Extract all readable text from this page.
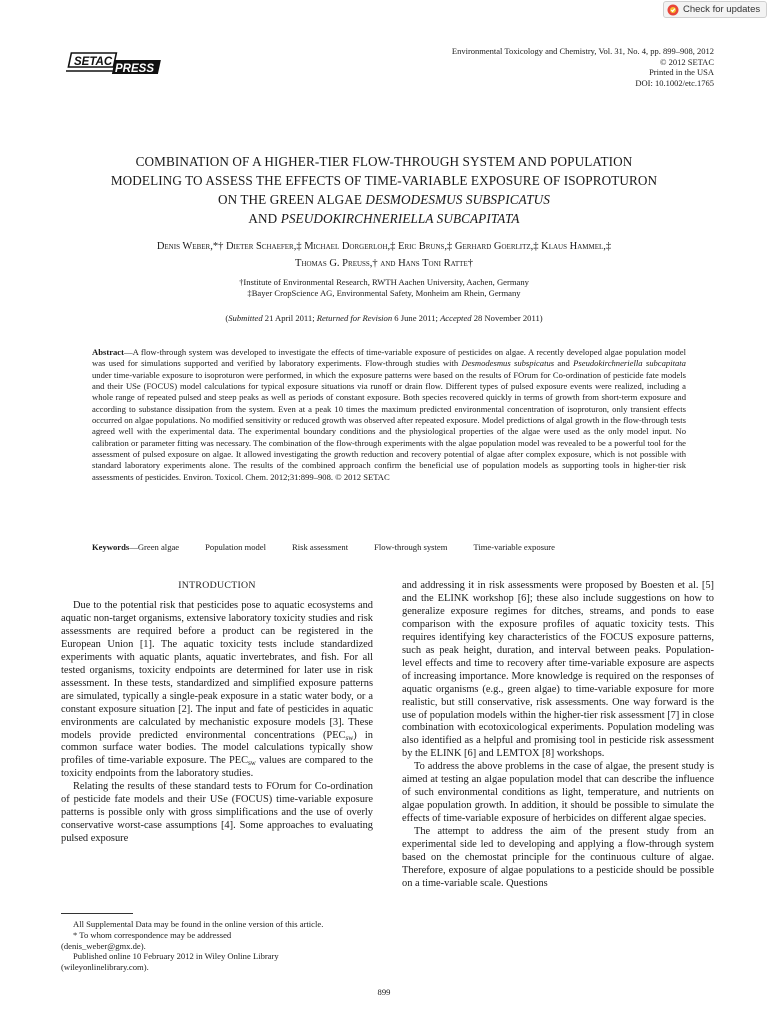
Check for updates
SETAC
PRESS
Environmental Toxicology and Chemistry, Vol. 31, No. 4, pp. 899–908, 2012
© 2012 SETAC
Printed in the USA
DOI: 10.1002/etc.1765
COMBINATION OF A HIGHER-TIER FLOW-THROUGH SYSTEM AND POPULATION
MODELING TO ASSESS THE EFFECTS OF TIME-VARIABLE EXPOSURE OF ISOPROTURON
ON THE GREEN ALGAE DESMODESMUS SUBSPICATUS
AND PSEUDOKIRCHNERIELLA SUBCAPITATA
Denis Weber,*† Dieter Schaefer,‡ Michael Dorgerloh,‡ Eric Bruns,‡ Gerhard Goerlitz,‡ Klaus Hammel,‡
Thomas G. Preuss,† and Hans Toni Ratte†
†Institute of Environmental Research, RWTH Aachen University, Aachen, Germany
‡Bayer CropScience AG, Environmental Safety, Monheim am Rhein, Germany
(Submitted 21 April 2011; Returned for Revision 6 June 2011; Accepted 28 November 2011)
Abstract—A flow-through system was developed to investigate the effects of time-variable exposure of pesticides on algae. A recently developed algae population model was used for simulations supported and verified by laboratory experiments. Flow-through studies with Desmodesmus subspicatus and Pseudokirchneriella subcapitata under time-variable exposure to isoproturon were performed, in which the exposure patterns were based on the results of FOrum for Co-ordination of pesticide fate models and their USe (FOCUS) model calculations for typical exposure situations via runoff or drain flow. Different types of pulsed exposure events were realized, including a whole range of repeated pulsed and steep peaks as well as periods of constant exposure. Both species recovered quickly in terms of growth from short-term exposure and according to substance dissipation from the system. Even at a peak 10 times the maximum predicted environmental concentration of isoproturon, only transient effects occurred on algae populations. No modified sensitivity or reduced growth was observed after repeated exposure. Model predictions of algal growth in the flow-through tests agreed well with the experimental data. The experimental boundary conditions and the physiological properties of the algae were used as the only model input. No calibration or parameter fitting was necessary. The combination of the flow-through experiments with the algae population model was revealed to be a powerful tool for the assessment of pulsed exposure on algae. It allowed investigating the growth reduction and recovery potential of algae after complex exposure, which is not possible with standard laboratory experiments alone. The results of the combined approach confirm the beneficial use of population models as supporting tools in higher-tier risk assessments of pesticides. Environ. Toxicol. Chem. 2012;31:899–908. © 2012 SETAC
Keywords—Green algae	Population model	Risk assessment	Flow-through system	Time-variable exposure
INTRODUCTION

Due to the potential risk that pesticides pose to aquatic ecosystems and aquatic non-target organisms, extensive laboratory toxicity studies and risk assessments are required before a product can be registered in the European Union [1]. The aquatic toxicity tests include standardized experiments with aquatic plants, aquatic invertebrates, and fish. For all tested organisms, toxicity endpoints are determined for later use in risk assessment. In these tests, standardized and simplified exposure patterns are simulated, typically a single-peak exposure in a static water body, or a constant exposure situation [2]. The input and fate of pesticides in aquatic environments are calculated by mechanistic exposure models [3]. These models provide predicted environmental concentrations $(PEC_{sw})$ in common surface water bodies. The model calculations typically show profiles of time-variable exposure. The $PEC_{sw}$ values are compared to the toxicity endpoints from the laboratory studies.

Relating the results of these standard tests to FOrum for Co-ordination of pesticide fate models and their USe (FOCUS) time-variable exposure patterns is possible only with gross simplifications and the use of overly conservative worst-case assumptions [4]. Some approaches to evaluating pulsed exposure

and addressing it in risk assessments were proposed by Boesten et al. [5] and the ELINK workshop [6]; these also include suggestions on how to generalize exposure regimes for ditches, streams, and ponds to ease comparison with the exposure profiles of aquatic toxicity tests. This requires identifying key characteristics of the FOCUS exposure patterns, such as peak height, duration, and interval between peaks. Population-level effects and time to recovery after time-variable exposure are aspects of increasing importance. More knowledge is required on the responses of aquatic organisms (e.g., green algae) to time-variable exposure for more realistic, but still conservative, risk assessments. One way forward is the use of population models within the higher-tier risk assessment [7] in close combination with ecotoxicological experiments. Population modeling was also identified as a helpful and promising tool in pesticide risk assessment by the ELINK [6] and LEMTOX [8] workshops.

To address the above problems in the case of algae, the present study is aimed at testing an algae population model that can describe the influence of such environmental conditions as light, temperature, and nutrients on algae population growth. In addition, it should be possible to simulate the effects of time-variable exposure of herbicides on different algae species.

The attempt to address the aim of the present study from an experimental side led to developing and applying a flow-through system based on the chemostat principle for the continuous culture of algae. Therefore, exposure of algae populations to a pesticide should be possible on a time-variable scale. Questions

All Supplemental Data may be found in the online version of this article.
* To whom correspondence may be addressed
(denis_weber@gmx.de).
Published online 10 February 2012 in Wiley Online Library
(wileyonlinelibrary.com).
899
